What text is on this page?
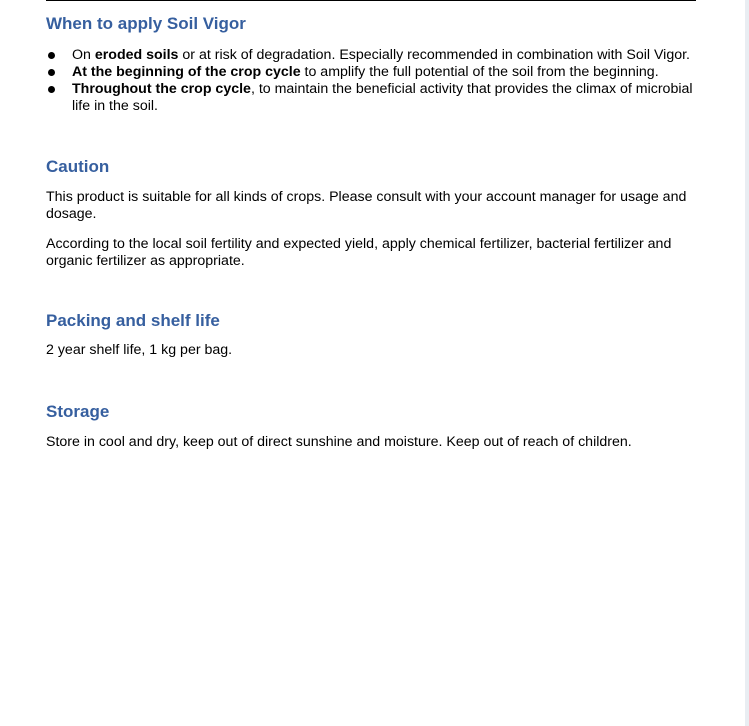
When to apply Soil Vigor
On eroded soils or at risk of degradation. Especially recommended in combination with Soil Vigor.
At the beginning of the crop cycle to amplify the full potential of the soil from the beginning.
Throughout the crop cycle, to maintain the beneficial activity that provides the climax of microbial life in the soil.
Caution

This product is suitable for all kinds of crops. Please consult with your account manager for usage and dosage.

According to the local soil fertility and expected yield, apply chemical fertilizer, bacterial fertilizer and organic fertilizer as appropriate.

Packing and shelf life

2 year shelf life, 1 kg per bag.

Storage

Store in cool and dry, keep out of direct sunshine and moisture. Keep out of reach of children.
